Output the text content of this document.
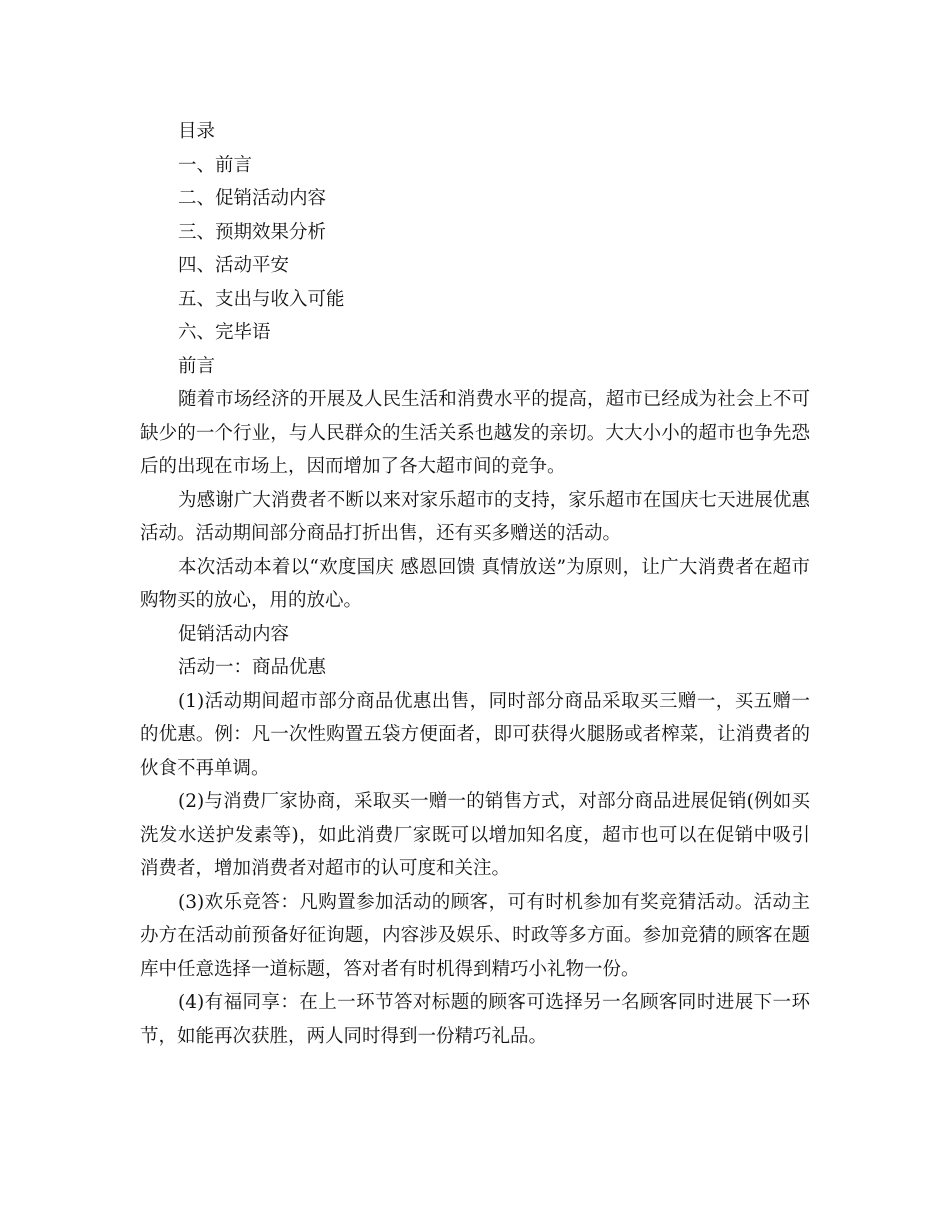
目录

一、前言

二、促销活动内容

三、预期效果分析

四、活动平安

五、支出与收入可能

六、完毕语

前言

随着市场经济的开展及人民生活和消费水平的提高，超市已经成为社会上不可缺少的一个行业，与人民群众的生活关系也越发的亲切。大大小小的超市也争先恐后的出现在市场上，因而增加了各大超市间的竞争。

为感谢广大消费者不断以来对家乐超市的支持，家乐超市在国庆七天进展优惠活动。活动期间部分商品打折出售，还有买多赠送的活动。

本次活动本着以“欢度国庆 感恩回馈 真情放送”为原则，让广大消费者在超市购物买的放心，用的放心。

促销活动内容

活动一：商品优惠

(1)活动期间超市部分商品优惠出售，同时部分商品采取买三赠一，买五赠一的优惠。例：凡一次性购置五袋方便面者，即可获得火腿肠或者榨菜，让消费者的伙食不再单调。

(2)与消费厂家协商，采取买一赠一的销售方式，对部分商品进展促销(例如买洗发水送护发素等)，如此消费厂家既可以增加知名度，超市也可以在促销中吸引消费者，增加消费者对超市的认可度和关注。

(3)欢乐竞答：凡购置参加活动的顾客，可有时机参加有奖竞猜活动。活动主办方在活动前预备好征询题，内容涉及娱乐、时政等多方面。参加竞猜的顾客在题库中任意选择一道标题，答对者有时机得到精巧小礼物一份。

(4)有福同享：在上一环节答对标题的顾客可选择另一名顾客同时进展下一环节，如能再次获胜，两人同时得到一份精巧礼品。
